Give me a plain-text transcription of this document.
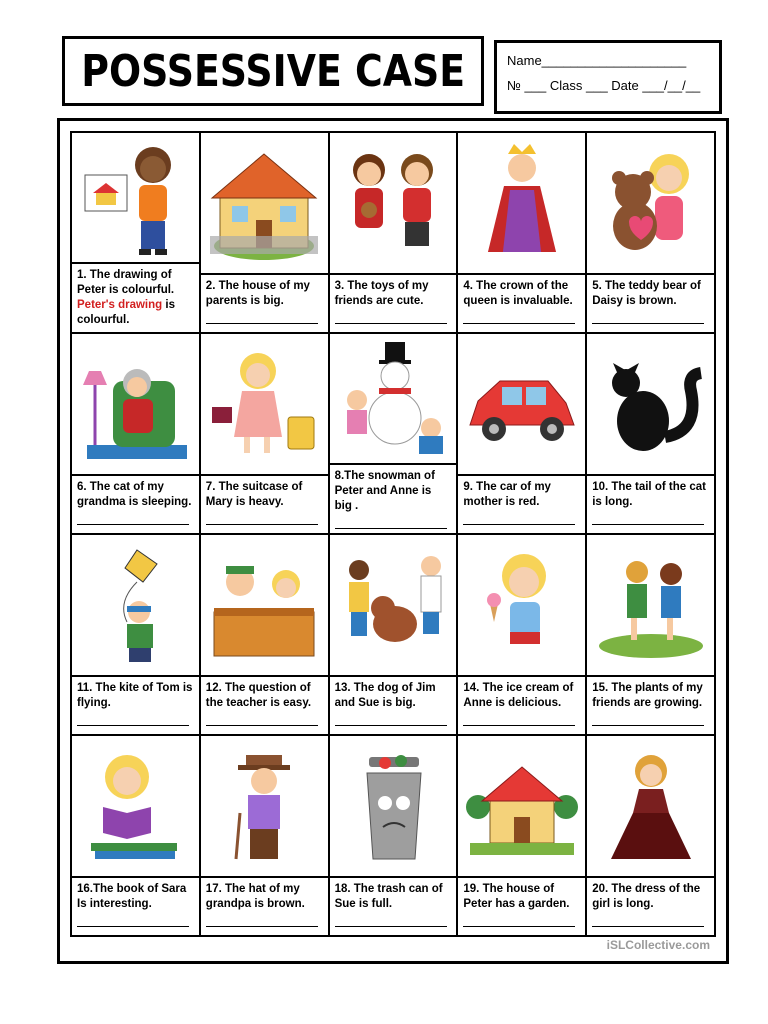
POSSESSIVE CASE	Name____________________
№ ___ Class ___ Date ___/__/__
1. The drawing of Peter is colourful.
Peter's drawing is colourful.
2. The house of my parents is big.
3. The toys of my friends are cute.
4. The crown of the queen is invaluable.
5. The teddy bear of Daisy is brown.
6. The cat of my grandma is sleeping.
7. The suitcase of Mary is heavy.
8.The snowman of Peter and Anne is big .
9. The car of my mother is red.
10. The tail of the cat is long.
11. The kite of Tom is flying.
12. The question of the teacher is easy.
13. The dog of Jim and Sue is big.
14. The ice cream of Anne is delicious.
15. The plants of my friends are growing.
16.The book of Sara Is interesting.
17. The hat of my grandpa is brown.
18. The trash can of Sue is full.
19. The house of Peter has a garden.
20. The dress of the girl is long.
iSLCollective.com
